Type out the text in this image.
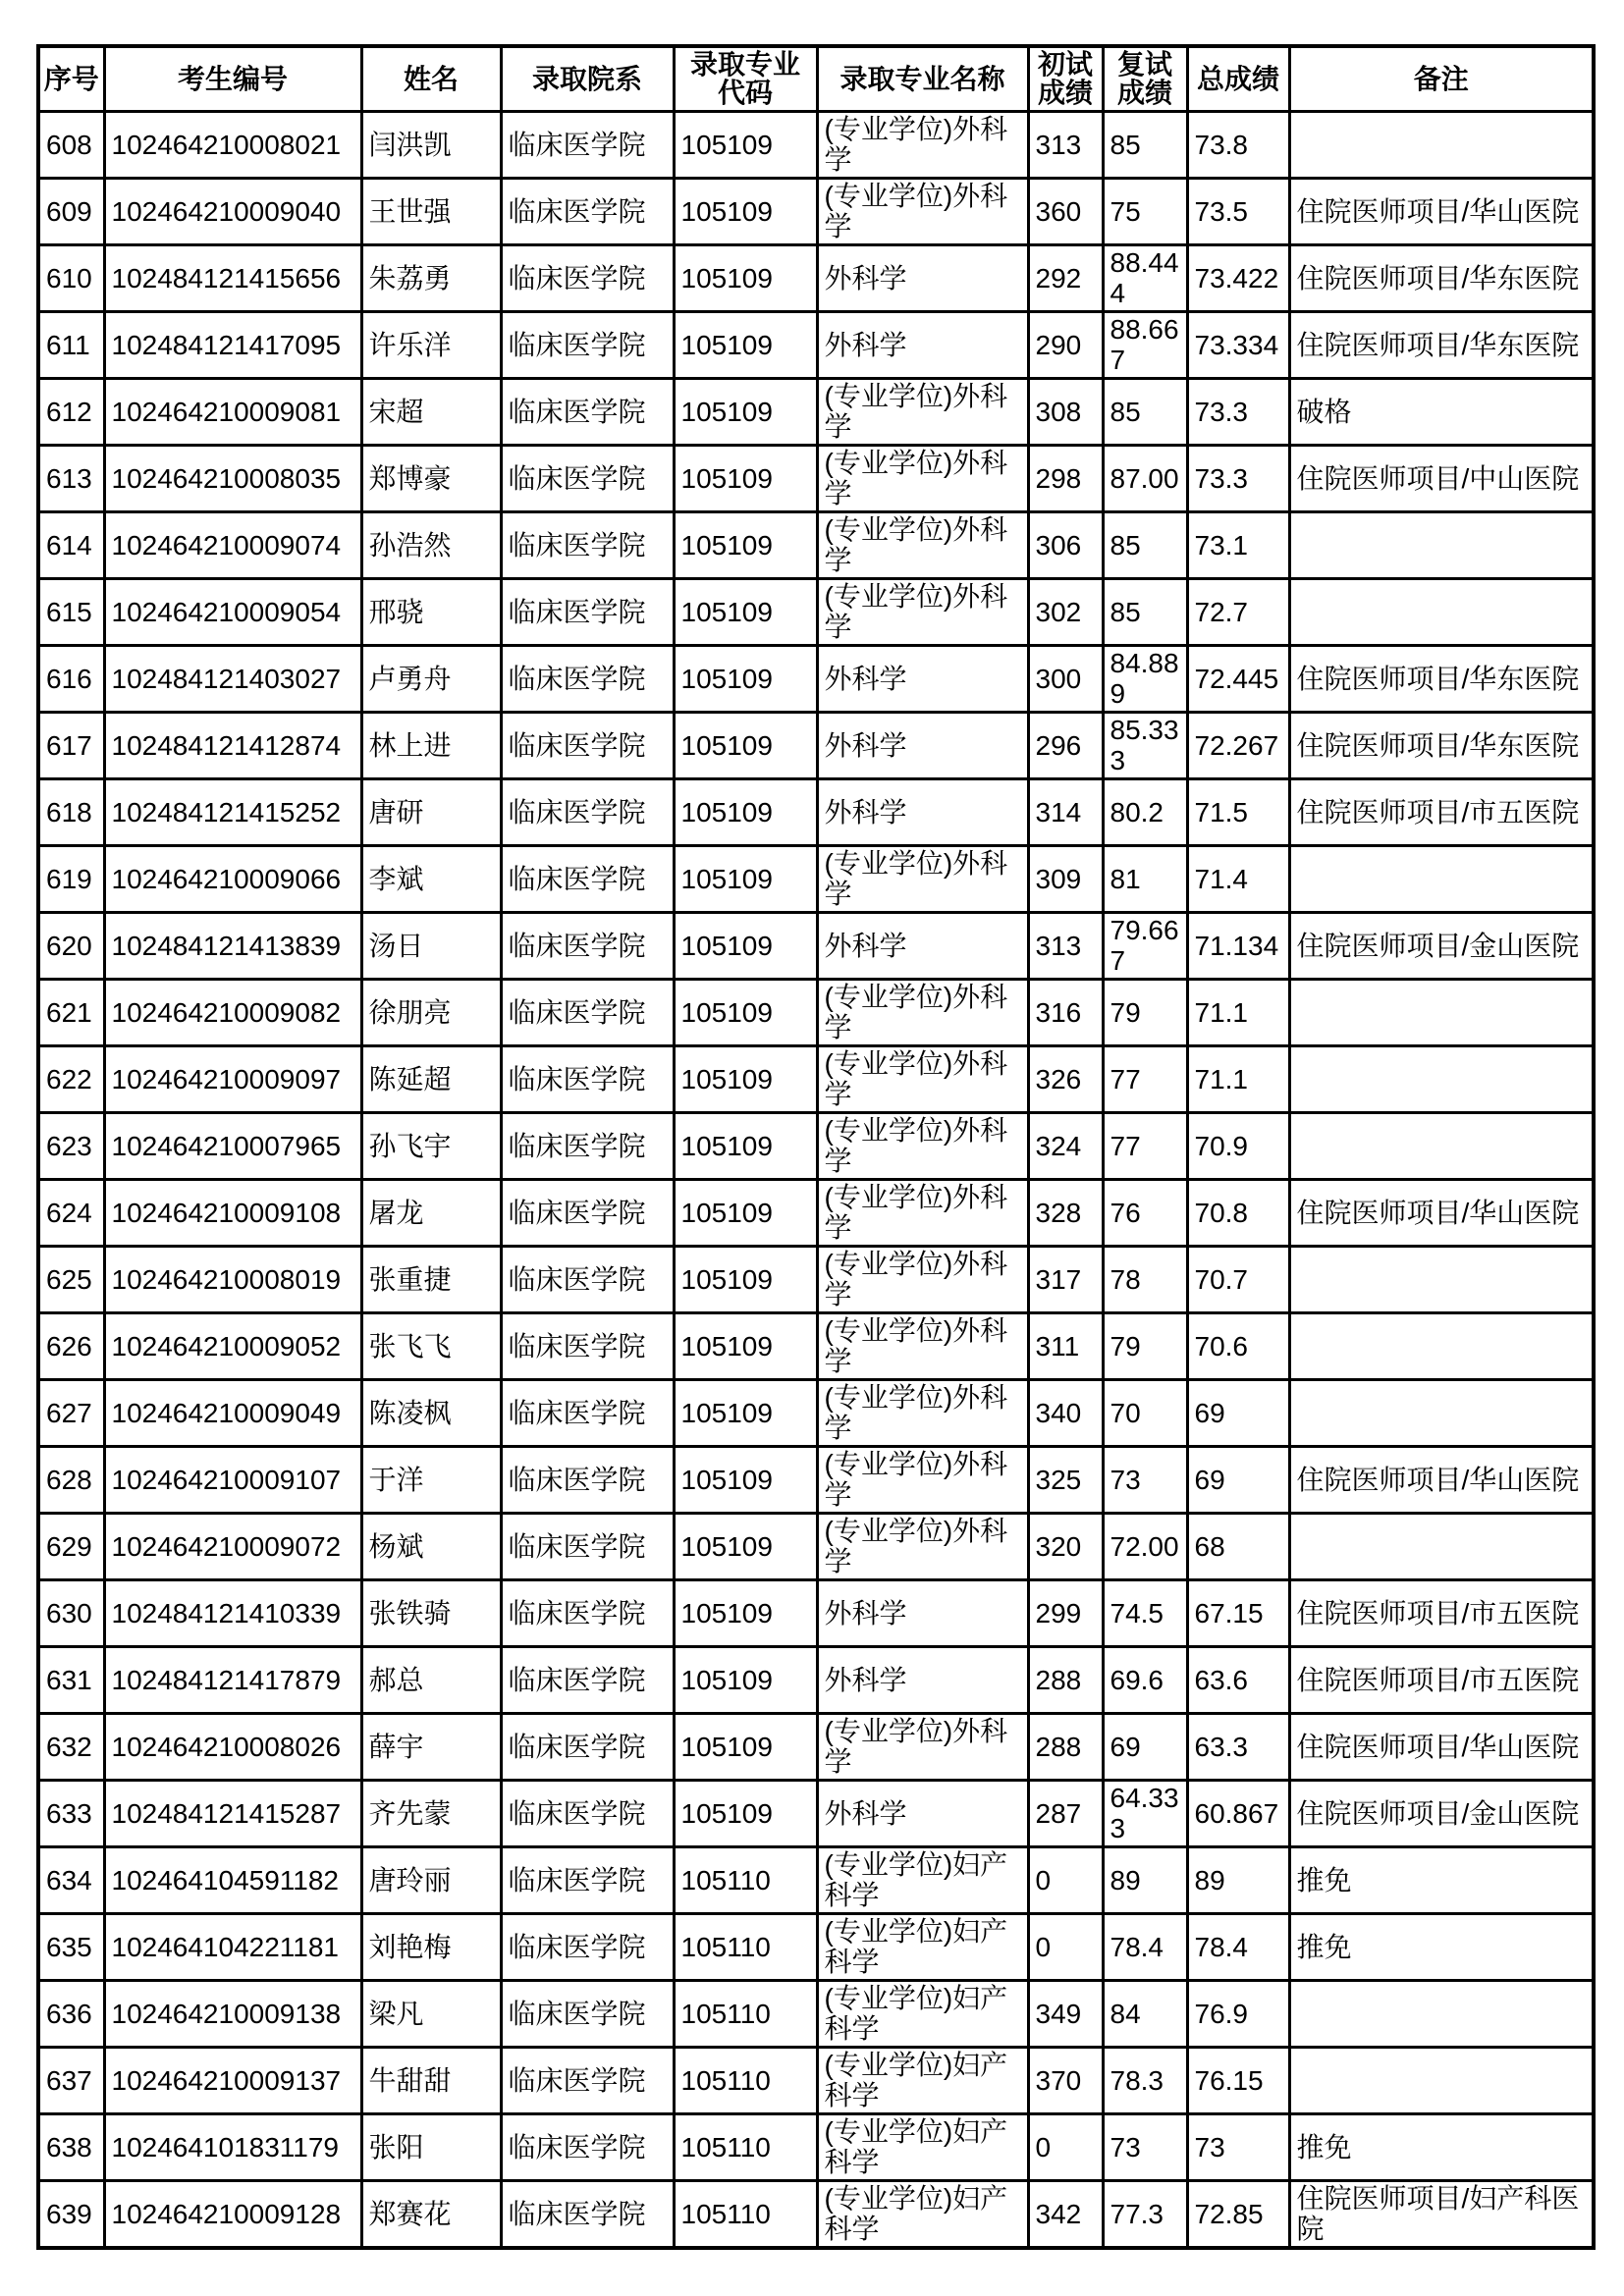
序号	考生编号	姓名	录取院系	录取专业代码	录取专业名称	初试成绩	复试成绩	总成绩	备注
608	102464210008021	闫洪凯	临床医学院	105109	(专业学位)外科学	313	85	73.8	
609	102464210009040	王世强	临床医学院	105109	(专业学位)外科学	360	75	73.5	住院医师项目/华山医院
610	102484121415656	朱荔勇	临床医学院	105109	外科学	292	88.444	73.422	住院医师项目/华东医院
611	102484121417095	许乐洋	临床医学院	105109	外科学	290	88.667	73.334	住院医师项目/华东医院
612	102464210009081	宋超	临床医学院	105109	(专业学位)外科学	308	85	73.3	破格
613	102464210008035	郑博豪	临床医学院	105109	(专业学位)外科学	298	87.00	73.3	住院医师项目/中山医院
614	102464210009074	孙浩然	临床医学院	105109	(专业学位)外科学	306	85	73.1	
615	102464210009054	邢骁	临床医学院	105109	(专业学位)外科学	302	85	72.7	
616	102484121403027	卢勇舟	临床医学院	105109	外科学	300	84.889	72.445	住院医师项目/华东医院
617	102484121412874	林上进	临床医学院	105109	外科学	296	85.333	72.267	住院医师项目/华东医院
618	102484121415252	唐研	临床医学院	105109	外科学	314	80.2	71.5	住院医师项目/市五医院
619	102464210009066	李斌	临床医学院	105109	(专业学位)外科学	309	81	71.4	
620	102484121413839	汤日	临床医学院	105109	外科学	313	79.667	71.134	住院医师项目/金山医院
621	102464210009082	徐朋亮	临床医学院	105109	(专业学位)外科学	316	79	71.1	
622	102464210009097	陈延超	临床医学院	105109	(专业学位)外科学	326	77	71.1	
623	102464210007965	孙飞宇	临床医学院	105109	(专业学位)外科学	324	77	70.9	
624	102464210009108	屠龙	临床医学院	105109	(专业学位)外科学	328	76	70.8	住院医师项目/华山医院
625	102464210008019	张重捷	临床医学院	105109	(专业学位)外科学	317	78	70.7	
626	102464210009052	张飞飞	临床医学院	105109	(专业学位)外科学	311	79	70.6	
627	102464210009049	陈凌枫	临床医学院	105109	(专业学位)外科学	340	70	69	
628	102464210009107	于洋	临床医学院	105109	(专业学位)外科学	325	73	69	住院医师项目/华山医院
629	102464210009072	杨斌	临床医学院	105109	(专业学位)外科学	320	72.00	68	
630	102484121410339	张铁骑	临床医学院	105109	外科学	299	74.5	67.15	住院医师项目/市五医院
631	102484121417879	郝总	临床医学院	105109	外科学	288	69.6	63.6	住院医师项目/市五医院
632	102464210008026	薛宇	临床医学院	105109	(专业学位)外科学	288	69	63.3	住院医师项目/华山医院
633	102484121415287	齐先蒙	临床医学院	105109	外科学	287	64.333	60.867	住院医师项目/金山医院
634	102464104591182	唐玲丽	临床医学院	105110	(专业学位)妇产科学	0	89	89	推免
635	102464104221181	刘艳梅	临床医学院	105110	(专业学位)妇产科学	0	78.4	78.4	推免
636	102464210009138	梁凡	临床医学院	105110	(专业学位)妇产科学	349	84	76.9	
637	102464210009137	牛甜甜	临床医学院	105110	(专业学位)妇产科学	370	78.3	76.15	
638	102464101831179	张阳	临床医学院	105110	(专业学位)妇产科学	0	73	73	推免
639	102464210009128	郑赛花	临床医学院	105110	(专业学位)妇产科学	342	77.3	72.85	住院医师项目/妇产科医院
